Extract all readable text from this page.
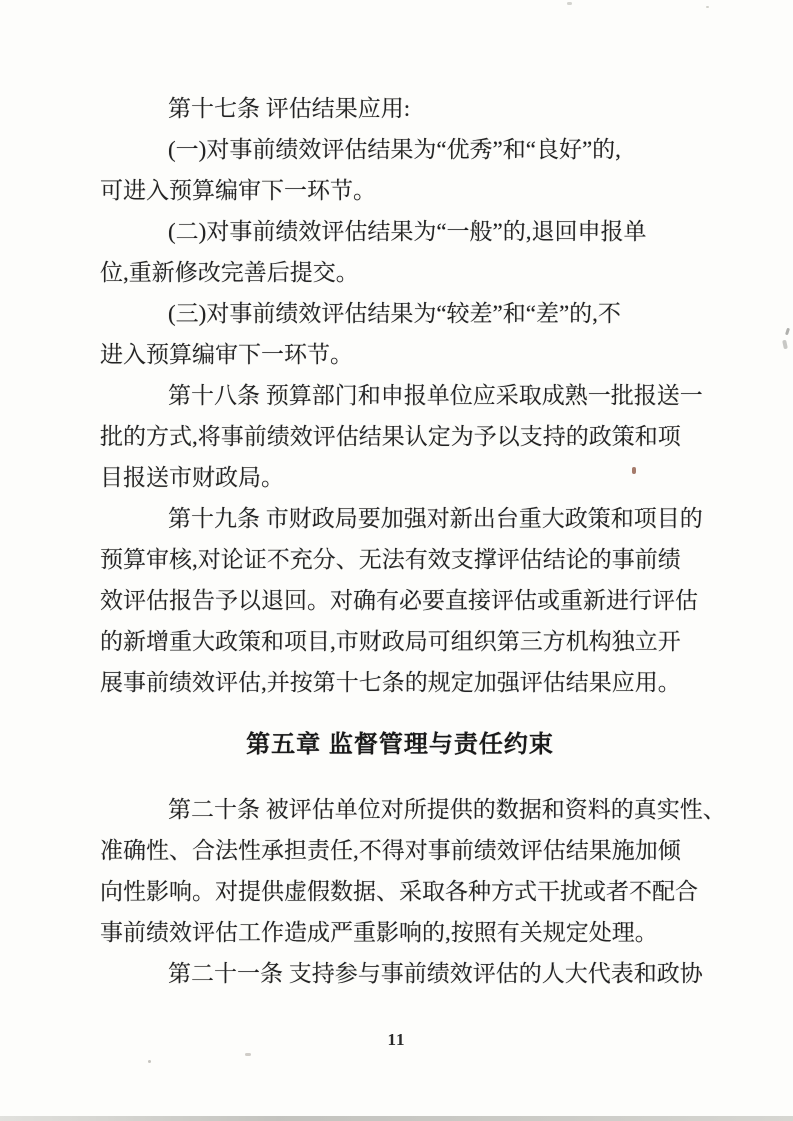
第十七条 评估结果应用:
(一)对事前绩效评估结果为“优秀”和“良好”的,
可进入预算编审下一环节。
(二)对事前绩效评估结果为“一般”的,退回申报单
位,重新修改完善后提交。
(三)对事前绩效评估结果为“较差”和“差”的,不
进入预算编审下一环节。
第十八条 预算部门和申报单位应采取成熟一批报送一
批的方式,将事前绩效评估结果认定为予以支持的政策和项
目报送市财政局。
第十九条 市财政局要加强对新出台重大政策和项目的
预算审核,对论证不充分、无法有效支撑评估结论的事前绩
效评估报告予以退回。对确有必要直接评估或重新进行评估
的新增重大政策和项目,市财政局可组织第三方机构独立开
展事前绩效评估,并按第十七条的规定加强评估结果应用。
第五章 监督管理与责任约束
第二十条 被评估单位对所提供的数据和资料的真实性、
准确性、合法性承担责任,不得对事前绩效评估结果施加倾
向性影响。对提供虚假数据、采取各种方式干扰或者不配合
事前绩效评估工作造成严重影响的,按照有关规定处理。
第二十一条 支持参与事前绩效评估的人大代表和政协
11
